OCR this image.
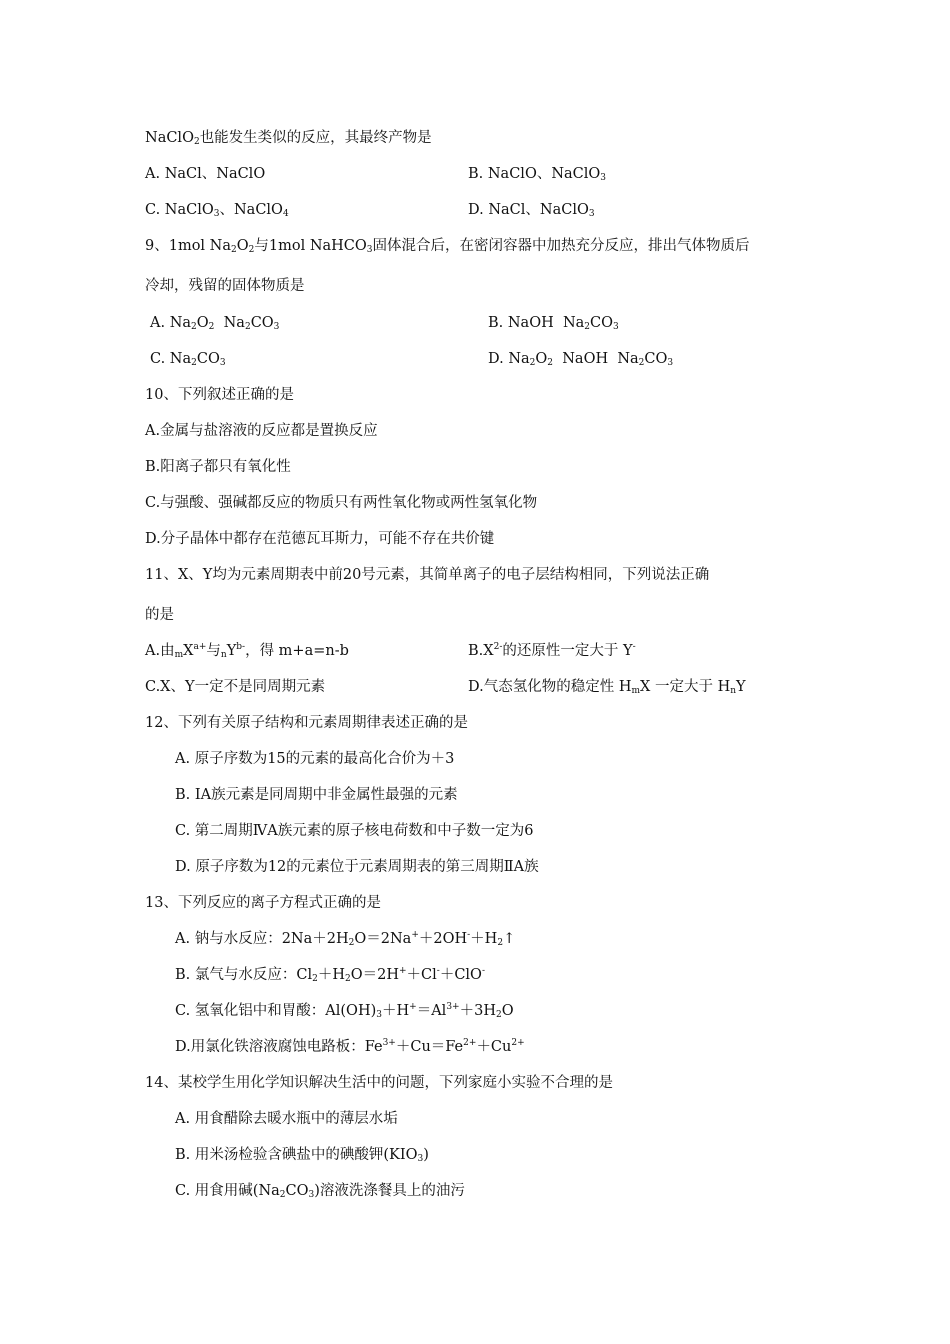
NaClO$_2$也能发生类似的反应，其最终产物是
A. NaCl、NaClO	B. NaClO、NaClO$_3$
C. NaClO$_3$、NaClO$_4$	D. NaCl、NaClO$_3$
9、1mol $Na_2O_2$与1mol NaHCO$_3$固体混合后，在密闭容器中加热充分反应，排出气体物质后
冷却，残留的固体物质是
A. $Na_2O_2$  $Na_2CO_3$	B. NaOH  $Na_2CO_3$
C. $Na_2CO_3$	D. $Na_2O_2$  NaOH  $Na_2CO_3$
10、下列叙述正确的是
A.金属与盐溶液的反应都是置换反应
B.阳离子都只有氧化性
C.与强酸、强碱都反应的物质只有两性氧化物或两性氢氧化物
D.分子晶体中都存在范德瓦耳斯力，可能不存在共价键
11、X、Y均为元素周期表中前20号元素，其简单离子的电子层结构相同，下列说法正确
的是
A.由$_mX^{a+}$与$_nY^{b-}$，得 m+a=n-b	$B.X^{2-}$的还原性一定大于 Y-
C.X、Y一定不是同周期元素	D.气态氢化物的稳定性 $H_mX$ 一定大于 $H_nY$
12、下列有关原子结构和元素周期律表述正确的是
A. 原子序数为15的元素的最高化合价为＋3
B. ⅠA族元素是同周期中非金属性最强的元素
C. 第二周期ⅣA族元素的原子核电荷数和中子数一定为6
D. 原子序数为12的元素位于元素周期表的第三周期ⅡA族
13、下列反应的离子方程式正确的是
A. 钠与水反应：$2Na+2H_2O=2Na^++2OH^-+H_2↑$
B. 氯气与水反应：$Cl_2+H_2O=2H^++Cl^-+ClO^-$
C. 氢氧化铝中和胃酸：$Al(OH)_3+H^+=Al^{3+}+3H_2O$
D.用氯化铁溶液腐蚀电路板：$Fe^{3+}+Cu=Fe^{2+}+Cu^{2+}$
14、某校学生用化学知识解决生活中的问题，下列家庭小实验不合理的是
A. 用食醋除去暖水瓶中的薄层水垢
B. 用米汤检验含碘盐中的碘酸钾$(KIO_3)$
C. 用食用碱$(Na_2CO_3)$溶液洗涤餐具上的油污
